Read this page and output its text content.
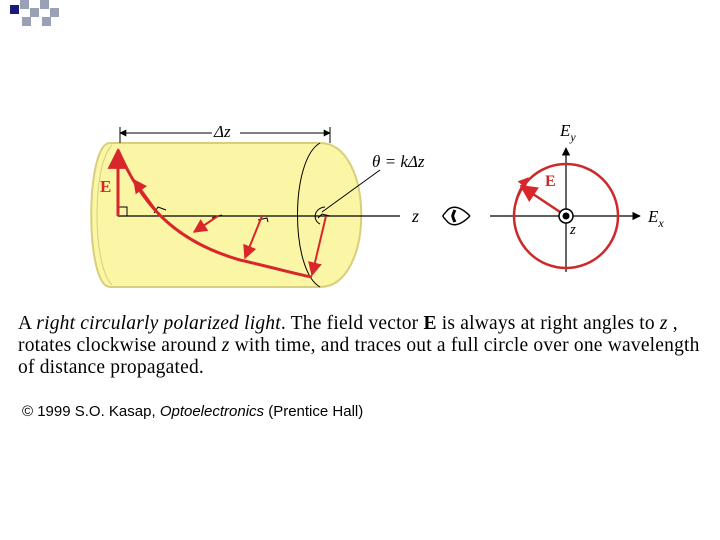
Δz
z
θ = kΔz
E	E
z
$E_y$
$E_x$
A right circularly polarized light. The field vector E is always at right angles to z , rotates clockwise around z with time, and traces out a full circle over one wavelength of distance propagated.
© 1999 S.O. Kasap, Optoelectronics (Prentice Hall)
